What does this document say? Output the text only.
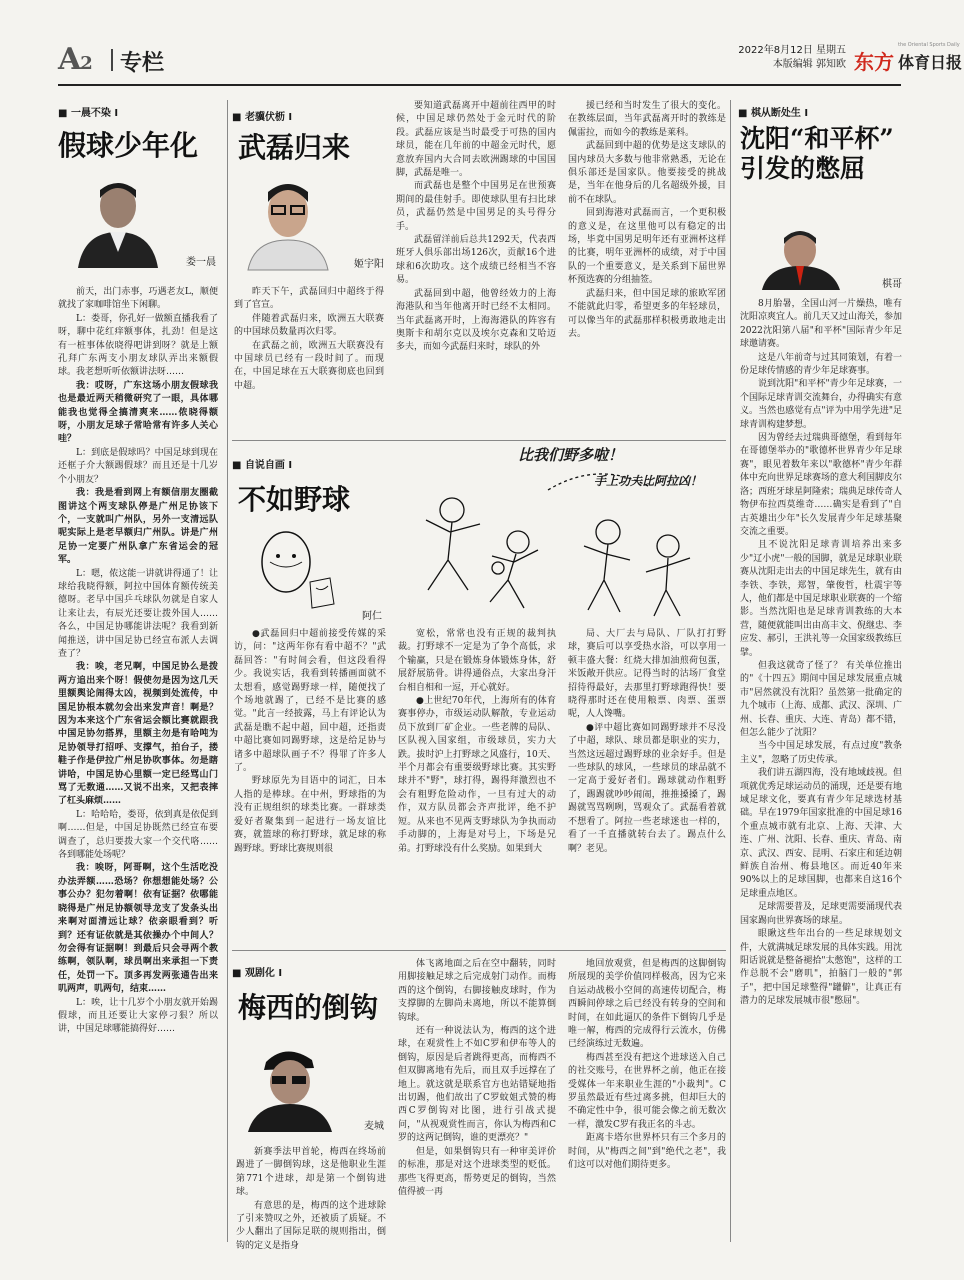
A2 专栏
2022年8月12日 星期五
本版编辑 郭知欧
the Oriental Sports Daily
东方 体育日报
■ 一晨不染 Ⅰ
假球少年化
娄一晨

前天，出门赤事，巧遇老友L，顺便就找了家咖啡馆坐下闲聊。

L：娄哥，你孔好一做额直播我看了呀，聊中花红痒额事体，扎劲！但是这有一桩事体依晓得吧讲到呀？就是上额孔拜广东两支小朋友球队弄出来额假球。我老想听听依额讲法呀……

我：哎呀，广东这场小朋友假球我也是最近两天稍微研究了一眼，具体哪能我也觉得全搞清爽来……侬晓得额呀，小朋友足球子常哈常有许多人关心哇？

L：到底是假球吗？中国足球到现在还框子介大额踢假球？而且还是十几岁个小朋友？

我：我是看到网上有额信朋友圈截图讲这个两支球队停是广州足协该下个，一支就叫广州队，另外一支清远队呢实际上是老早额归广州队。讲是广州足协一定要广州队拿广东省运会的冠军。

L：嗯，侬这能一讲就讲得通了！让球给我晓得额，阿拉中国体育额传统美德呀。老早中国乒乓球队勿就是自家人让来让去，有辰光还要让拨外国人……各么，中国足协哪能讲法呢？我看到新闻推送，讲中国足协已经宣布派人去调查了？

我：唉，老兄啊，中国足协么是拨两方追出来个呀！假使勿是因为这几天里额舆论闹得太凶，视频到处流传，中国足协根本就勿会出来发声音！啊是？因为本来这个广东省运会额比赛就跟我中国足协勿搭界，里额主勿是有哈吨为足协领导打招呼、支撑气，拍台子，搂鞋子作是伊拉广州足协吹事体。勿是瞎讲哈，中国足协心里额一定已经骂山门骂了无数通……又说不出来，又把表摔了杠头麻烦……

L：哈哈哈，娄哥，依到真是依促到啊……但是，中国足协既然已经宣布要调查了，总归要拨大家一个交代咯……各到哪能处场呢？

我：唉呀，阿哥啊，这个生活吃没办法弄额……恐场？你想想能处场？公事公办？犯勿着啊！依有证据？依哪能晓得是广州足协额领导龙支了发条头出来啊对面清远让球？依亲眼看到？听到？还有证依就是其依操办个中间人？勿会得有证据啊！到最后只会寻两个教练啊，领队啊，球员啊出来承担一下责任，处罚一下。顶多再发两张通告出来叽两声，叽两句，结束……

L：唉，让十几岁个小朋友就开始踢假球，而且还要让大家停刁狠？所以讲，中国足球哪能搞得好……

■ 老骥伏枥 Ⅰ
武磊归来
姬宇阳

昨天下午，武磊回归中超终于得到了官宣。

伴随着武磊归来，欧洲五大联赛的中国球员数量再次归零。

在武磊之前，欧洲五大联赛没有中国球员已经有一段时间了。而现在，中国足球在五大联赛彻底也回到中超。

要知道武磊离开中超前往西甲的时候，中国足球仍然处于金元时代的阶段。武磊应该是当时最受于可热的国内球员，能在几年前的中超金元时代，愿意放弃国内大合同去欧洲踢球的中国国脚，武磊是唯一。

而武磊也是整个中国男足在世预赛期间的最佳射手。即使球队里有扫比球员，武磊仍然是中国男足的头号得分手。

武磊留洋前后总共1292天，代表西班牙人俱乐部出场126次，贡献16个进球和6次助攻。这个成绩已经相当不容易。

武磊回到中超，他曾经效力的上海海港队和当年他离开时已经不太相同。当年武磊离开时，上海海港队的阵容有奥斯卡和胡尔克以及埃尔克森和艾哈迈多夫，而如今武磊归来时，球队的外

援已经和当时发生了很大的变化。在教练层面，当年武磊离开时的教练是佩雷拉，而如今的教练是莱科。

武磊回到中超的优势是这支球队的国内球员大多数与他非常熟悉，无论在俱乐部还是国家队。他要接受的挑战是，当年在他身后的几名超级外援，目前不在球队。

回到海港对武磊而言，一个更积极的意义是，在这里他可以有稳定的出场，毕竟中国男足明年还有亚洲杯这样的比赛，明年亚洲杯的成绩，对于中国队的一个重要意义，是关系到下届世界杯预选赛的分组抽签。

武磊归来，但中国足球的旅欧军团不能就此归零，希望更多的年轻球员，可以像当年的武磊那样积极勇敢地走出去。

■ 自说自画 Ⅰ
不如野球
阿仁
比我们野多啦！
手上功夫比阿拉凶！

●武磊回归中超前接受传媒的采访，问："这两年你有看中超不？"武磊回答："有时间会看，但这段看得少。我说实话，我看到转播画面就不太想看，感觉踢野球一样，随便找了个场地就踢了，已经不是比赛的感觉。"此言一经披露，马上有评论认为武磊是瞧不起中超，回中超，还指责中超比赛如同踢野球，这是给足协与诸多中超球队画子不？得罪了许多人了。

野球原先为目语中的词汇，日本人指的是棒球。在中州，野球指的为没有正规组织的球类比赛。一群球类爱好者聚集到一起进行一场友谊比赛，就篮球的称打野球，就足球的称踢野球。野球比赛规则很

宽松，常常也没有正规的裁判执裁。打野球不一定是为了争个高低，求个输赢，只是在锻炼身体锻炼身体，舒展舒展筋骨。讲得通俗点，大家出身汗台相自相和一逗，开心就好。

●上世纪70年代，上海所有的体育赛事停办，市级运动队解散，专业运动员下放到厂矿企业。一些老牌的局队、区队视入国家组，市级球员，实力大跌。拔时沪上打野球之风盛行，10天、半个月都会有重要级野球比赛。其实野球并不"野"，球打得，踢得拜激烈也不会有粗野危险动作，一旦有过大的动作，双方队员都会齐声批评，绝不护短。从来也不见两支野球队为争执而动手动脚的，上海是对号上，下场是兄弟。打野球没有什么奖励。如果到大

局、大厂去与局队、厂队打打野球，赛后可以享受热水浴，可以享用一顿丰盛大餐：红烧大排加油煎荷包蛋，米饭敞开供应。记得当时的沽场厂食堂招待得最好，去那里打野球跑得快！要晓得那时还在使用粮票、肉票、蛋票呢，人人馋嘴。

●评中超比赛如同踢野球并不尽没了中超，球队、球员都是职业的实力，当然这远超过踢野球的业余好手。但是一些球队的球风，一些球员的球品就不一定高于爱好者们。踢球就动作粗野了，踢踢就吵吵闹闹，推推搡搡了，踢踢就骂骂咧咧，骂观众了。武磊看着就不想看了。阿拉一些老球迷也一样的，看了一千直播就转台去了。踢点什么啊？老见。

■ 观剧化 Ⅰ
梅西的倒钩
麦城

新赛季法甲首轮，梅西在终场前踢进了一脚倒钩球，这是他职业生涯第771个进球，却是第一个倒钩进球。

有意思的是，梅西的这个进球除了引来赞叹之外，还被质了质疑。不少人翻出了国际足联的规则指出，倒钩的定义是指身

体飞离地面之后在空中翻转，同时用脚接触足球之后完成射门动作。而梅西的这个倒钩，右脚接触皮球时，作为支撑脚的左脚尚未离地，所以不能算倒钩球。

还有一种说法认为，梅西的这个进球，在观赏性上不如C罗和伊布等人的倒钩，原因是后者跳得更高，而梅西不但双脚离地有先后，而且双手远撑在了地上。就这就是联系官方也站错疑地指出切踢，他们故出了C罗蚊姐式赞的梅西C罗倒钩对比图，进行引战式提问，"从视观赏性而言，你认为梅西和C罗的这两记倒钩，谁的更漂亮？"

但是，如果倒钩只有一种审美评价的标准，那是对这个进球类型的贬低。那些飞得更高，帮势更足的倒钩，当然值得被一再

地回放观赏，但是梅西的这脚倒钩所展现的美学价值同样极高，因为它来自运动战极小空间的高速传切配合，梅西瞬间停球之后已经没有转身的空间和时间，在如此逼仄的条件下倒钩几乎是唯一解，梅西的完成得行云流水，仿佛已经演练过无数遍。

梅西甚至没有把这个进球送入自己的社交账号，在世界杯之前，他正在接受媒体一年来职业生涯的"小裁判"。C罗虽然最近有些过离多挑，但却巨大的不确定性中争，很可能会像之前无数次一样，激发C罗有我正名的斗志。

距离卡塔尔世界杯只有三个多月的时间，从"梅西之间"到"绝代之老"，我们这可以对他们期待更多。

■ 棋从断处生 Ⅰ
沈阳“和平杯”
引发的憋屈
棋哥

8月胎暑，全国山河一片燥热，唯有沈阳凉爽宜人。前几天又过山海关，参加2022沈阳第八届"和平杯"国际青少年足球邀请赛。

这是八年前奇与过其同策划，有着一份足球传情感的青少年足球赛事。

说到沈阳"和平杯"青少年足球赛，一个国际足球青训交流舞台，办得确实有意义。当然也感觉有点"评为中用学先进"足球青训构建梦想。

因为曾经去过瑞典哥德堡，看到每年在哥德堡举办的"歌德杯世界青少年足球赛"，眼见着数年来以"歌德杯"青少年群体中充向世界足球赛场的意大利国脚皮尔洛；西班牙球星阿隆索；瑞典足球传奇人物伊布拉西莫维奇……确实是看到了"自古英雄出少年"长久发展青少年足球基聚交流之重要。

且不说沈阳足球青训培养出来多少"辽小虎"一般的国脚，就是足球职业联赛从沈阳走出去的中国足球先生，就有由李铁、李铁，郑智，肇俊哲，杜震宇等人，他们都是中国足球职业联赛的一个缩影。当然沈阳也是足球青训教练的大本营，随便就能叫出由高丰文、倪继忠、李应发、郝引，王洪礼等一众国家级教练巨擘。

但我这就奇了怪了？ 有关单位推出的"《十四五》期间中国足球发展重点城市"居然就没有沈阳？虽然第一批确定的九个城市（上海、成都、武汉、深圳、广州、长春、重庆、大连、青岛）都不错，但怎么能少了沈阳？

当今中国足球发展，有点过度"教条主义"，忽略了历史传承。

我们讲五湖四海，没有地域歧视。但项就优秀足球运动员的涌现，还是要有地域足球文化，要真有青少年足球选材基础。早在1979年国家批准的中国足球16个重点城市就有北京、上海、天津、大连、广州、沈阳、长春、重庆、青岛、南京、武汉、西安、昆明、石家庄和延边朝鲜族自治州、梅县地区。而近40年来90%以上的足球国脚，也都来自这16个足球重点地区。

足球需要普及，足球更需要涌现代表国家踢向世界赛场的球星。

眼瞅这些年出台的一些足球规划文件，大就满城足球发展的具体实践。用沈阳话说就是整备褪拾"太憋饱"，这样的工作总脱不会"磨叽"，拍脑门一般的"郭子"，把中国足球整得"罐僻"，让真正有潜力的足球发展城市很"憋屈"。
